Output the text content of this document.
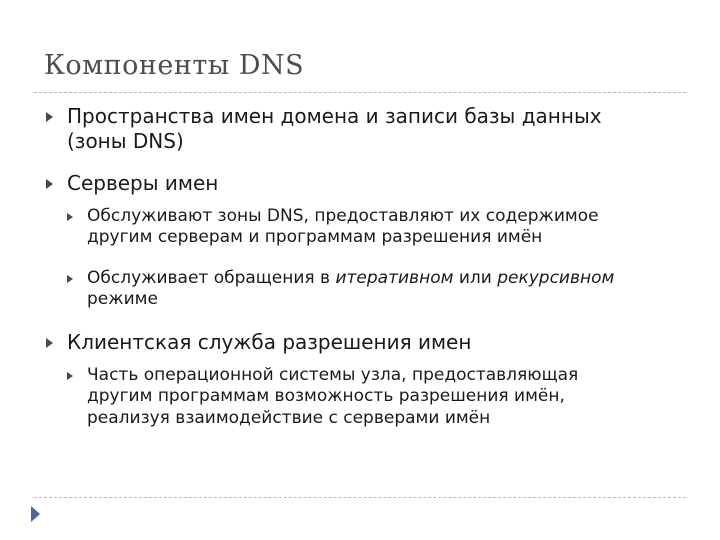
Компоненты DNS
Пространства имен домена и записи базы данных
(зоны DNS)
Серверы имен
Обслуживают зоны DNS, предоставляют их содержимое
другим серверам и программам разрешения имён
Обслуживает обращения в итеративном или рекурсивном
режиме
Клиентская служба разрешения имен
Часть операционной системы узла, предоставляющая
другим программам возможность разрешения имён,
реализуя взаимодействие с серверами имён
